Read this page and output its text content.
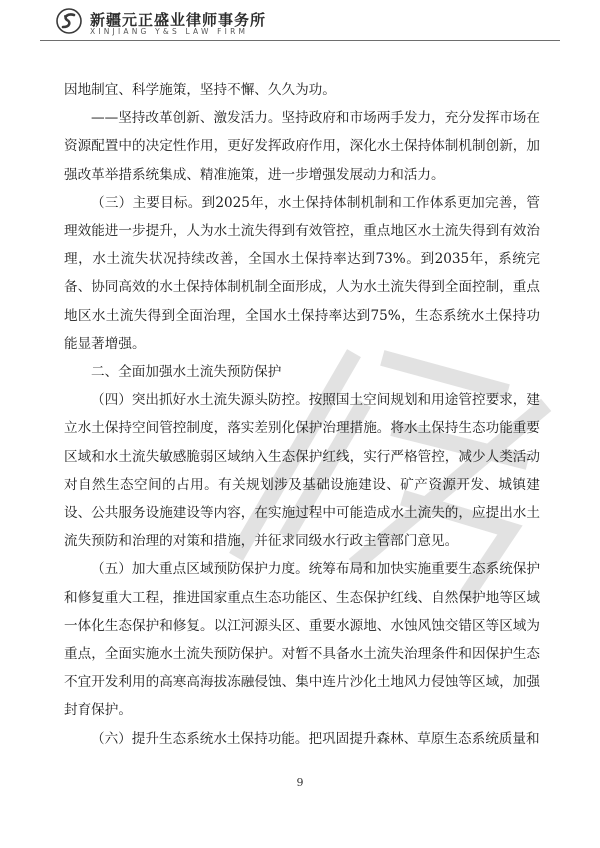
新疆元正盛业律师事务所
XINJIANG Y&S LAW FIRM

因地制宜、科学施策，坚持不懈、久久为功。

——坚持改革创新、激发活力。坚持政府和市场两手发力，充分发挥市场在资源配置中的决定性作用，更好发挥政府作用，深化水土保持体制机制创新，加强改革举措系统集成、精准施策，进一步增强发展动力和活力。

（三）主要目标。到2025年，水土保持体制机制和工作体系更加完善，管理效能进一步提升，人为水土流失得到有效管控，重点地区水土流失得到有效治理，水土流失状况持续改善，全国水土保持率达到73%。到2035年，系统完备、协同高效的水土保持体制机制全面形成，人为水土流失得到全面控制，重点地区水土流失得到全面治理，全国水土保持率达到75%，生态系统水土保持功能显著增强。

二、全面加强水土流失预防保护

（四）突出抓好水土流失源头防控。按照国土空间规划和用途管控要求，建立水土保持空间管控制度，落实差别化保护治理措施。将水土保持生态功能重要区域和水土流失敏感脆弱区域纳入生态保护红线，实行严格管控，减少人类活动对自然生态空间的占用。有关规划涉及基础设施建设、矿产资源开发、城镇建设、公共服务设施建设等内容，在实施过程中可能造成水土流失的，应提出水土流失预防和治理的对策和措施，并征求同级水行政主管部门意见。

（五）加大重点区域预防保护力度。统筹布局和加快实施重要生态系统保护和修复重大工程，推进国家重点生态功能区、生态保护红线、自然保护地等区域一体化生态保护和修复。以江河源头区、重要水源地、水蚀风蚀交错区等区域为重点，全面实施水土流失预防保护。对暂不具备水土流失治理条件和因保护生态不宜开发利用的高寒高海拔冻融侵蚀、集中连片沙化土地风力侵蚀等区域，加强封育保护。

（六）提升生态系统水土保持功能。把巩固提升森林、草原生态系统质量和

9
